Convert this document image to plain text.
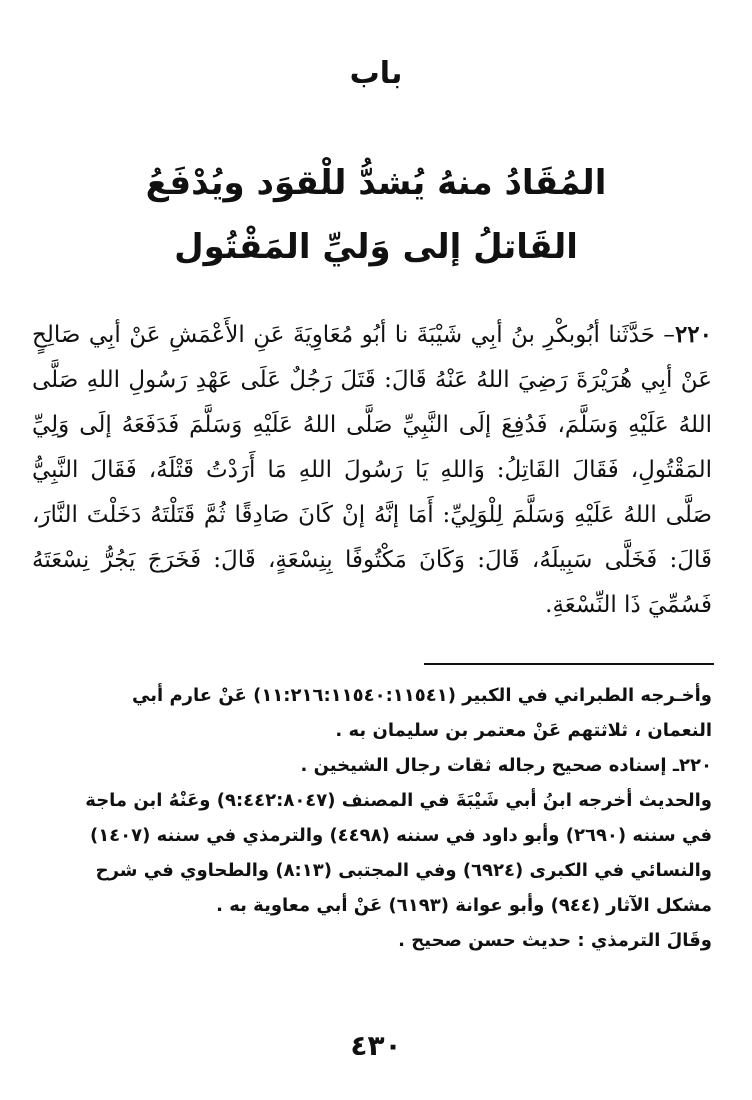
باب
المُقَادُ منهُ يُشدُّ للْقوَد ويُدْفَعُ
القَاتلُ إلى وَليِّ المَقْتُول
٢٢٠– حَدَّثَنا أبُوبكْرِ بنُ أبِي شَيْبَةَ نا أبُو مُعَاوِيَةَ عَنِ الأَعْمَشِ عَنْ أبِي صَالِحٍ عَنْ أبِي هُرَيْرَةَ رَضِيَ اللهُ عَنْهُ قَالَ: قَتَلَ رَجُلٌ عَلَى عَهْدِ رَسُولِ اللهِ صَلَّى اللهُ عَلَيْهِ وَسَلَّمَ، فَدُفِعَ إلَى النَّبِيِّ صَلَّى اللهُ عَلَيْهِ وَسَلَّمَ فَدَفَعَهُ إلَى وَلِيِّ المَقْتُولِ، فَقَالَ القَاتِلُ: وَاللهِ يَا رَسُولَ اللهِ مَا أَرَدْتُ قَتْلَهُ، فَقَالَ النَّبِيُّ صَلَّى اللهُ عَلَيْهِ وَسَلَّمَ لِلْوَلِيِّ: أَمَا إنَّهُ إنْ كَانَ صَادِقًا ثُمَّ قَتَلْتَهُ دَخَلْتَ النَّارَ، قَالَ: فَخَلَّى سَبِيلَهُ، قَالَ: وَكَانَ مَكْتُوفًا بِنِسْعَةٍ، قَالَ: فَخَرَجَ يَجُرُّ نِسْعَتَهُ فَسُمِّيَ ذَا النِّسْعَةِ.
وأخـرجه الطبراني في الكبير (١١:٢١٦:١١٥٤٠:١١٥٤١) عَنْ عارم أبي
النعمان ، ثلاثتهم عَنْ معتمر بن سليمان به .
٢٢٠ـ إسناده صحيح رجاله ثقات رجال الشيخين .
والحديث أخرجه ابنُ أبي شَيْبَةَ في المصنف (٩:٤٤٢:٨٠٤٧) وعَنْهُ ابن ماجة
في سننه (٢٦٩٠) وأبو داود في سننه (٤٤٩٨) والترمذي في سننه (١٤٠٧)
والنسائي في الكبرى (٦٩٢٤) وفي المجتبى (٨:١٣) والطحاوي في شرح
مشكل الآثار (٩٤٤) وأبو عوانة (٦١٩٣) عَنْ أبي معاوية به .
وقَالَ الترمذي : حديث حسن صحيح .
٤٣٠
